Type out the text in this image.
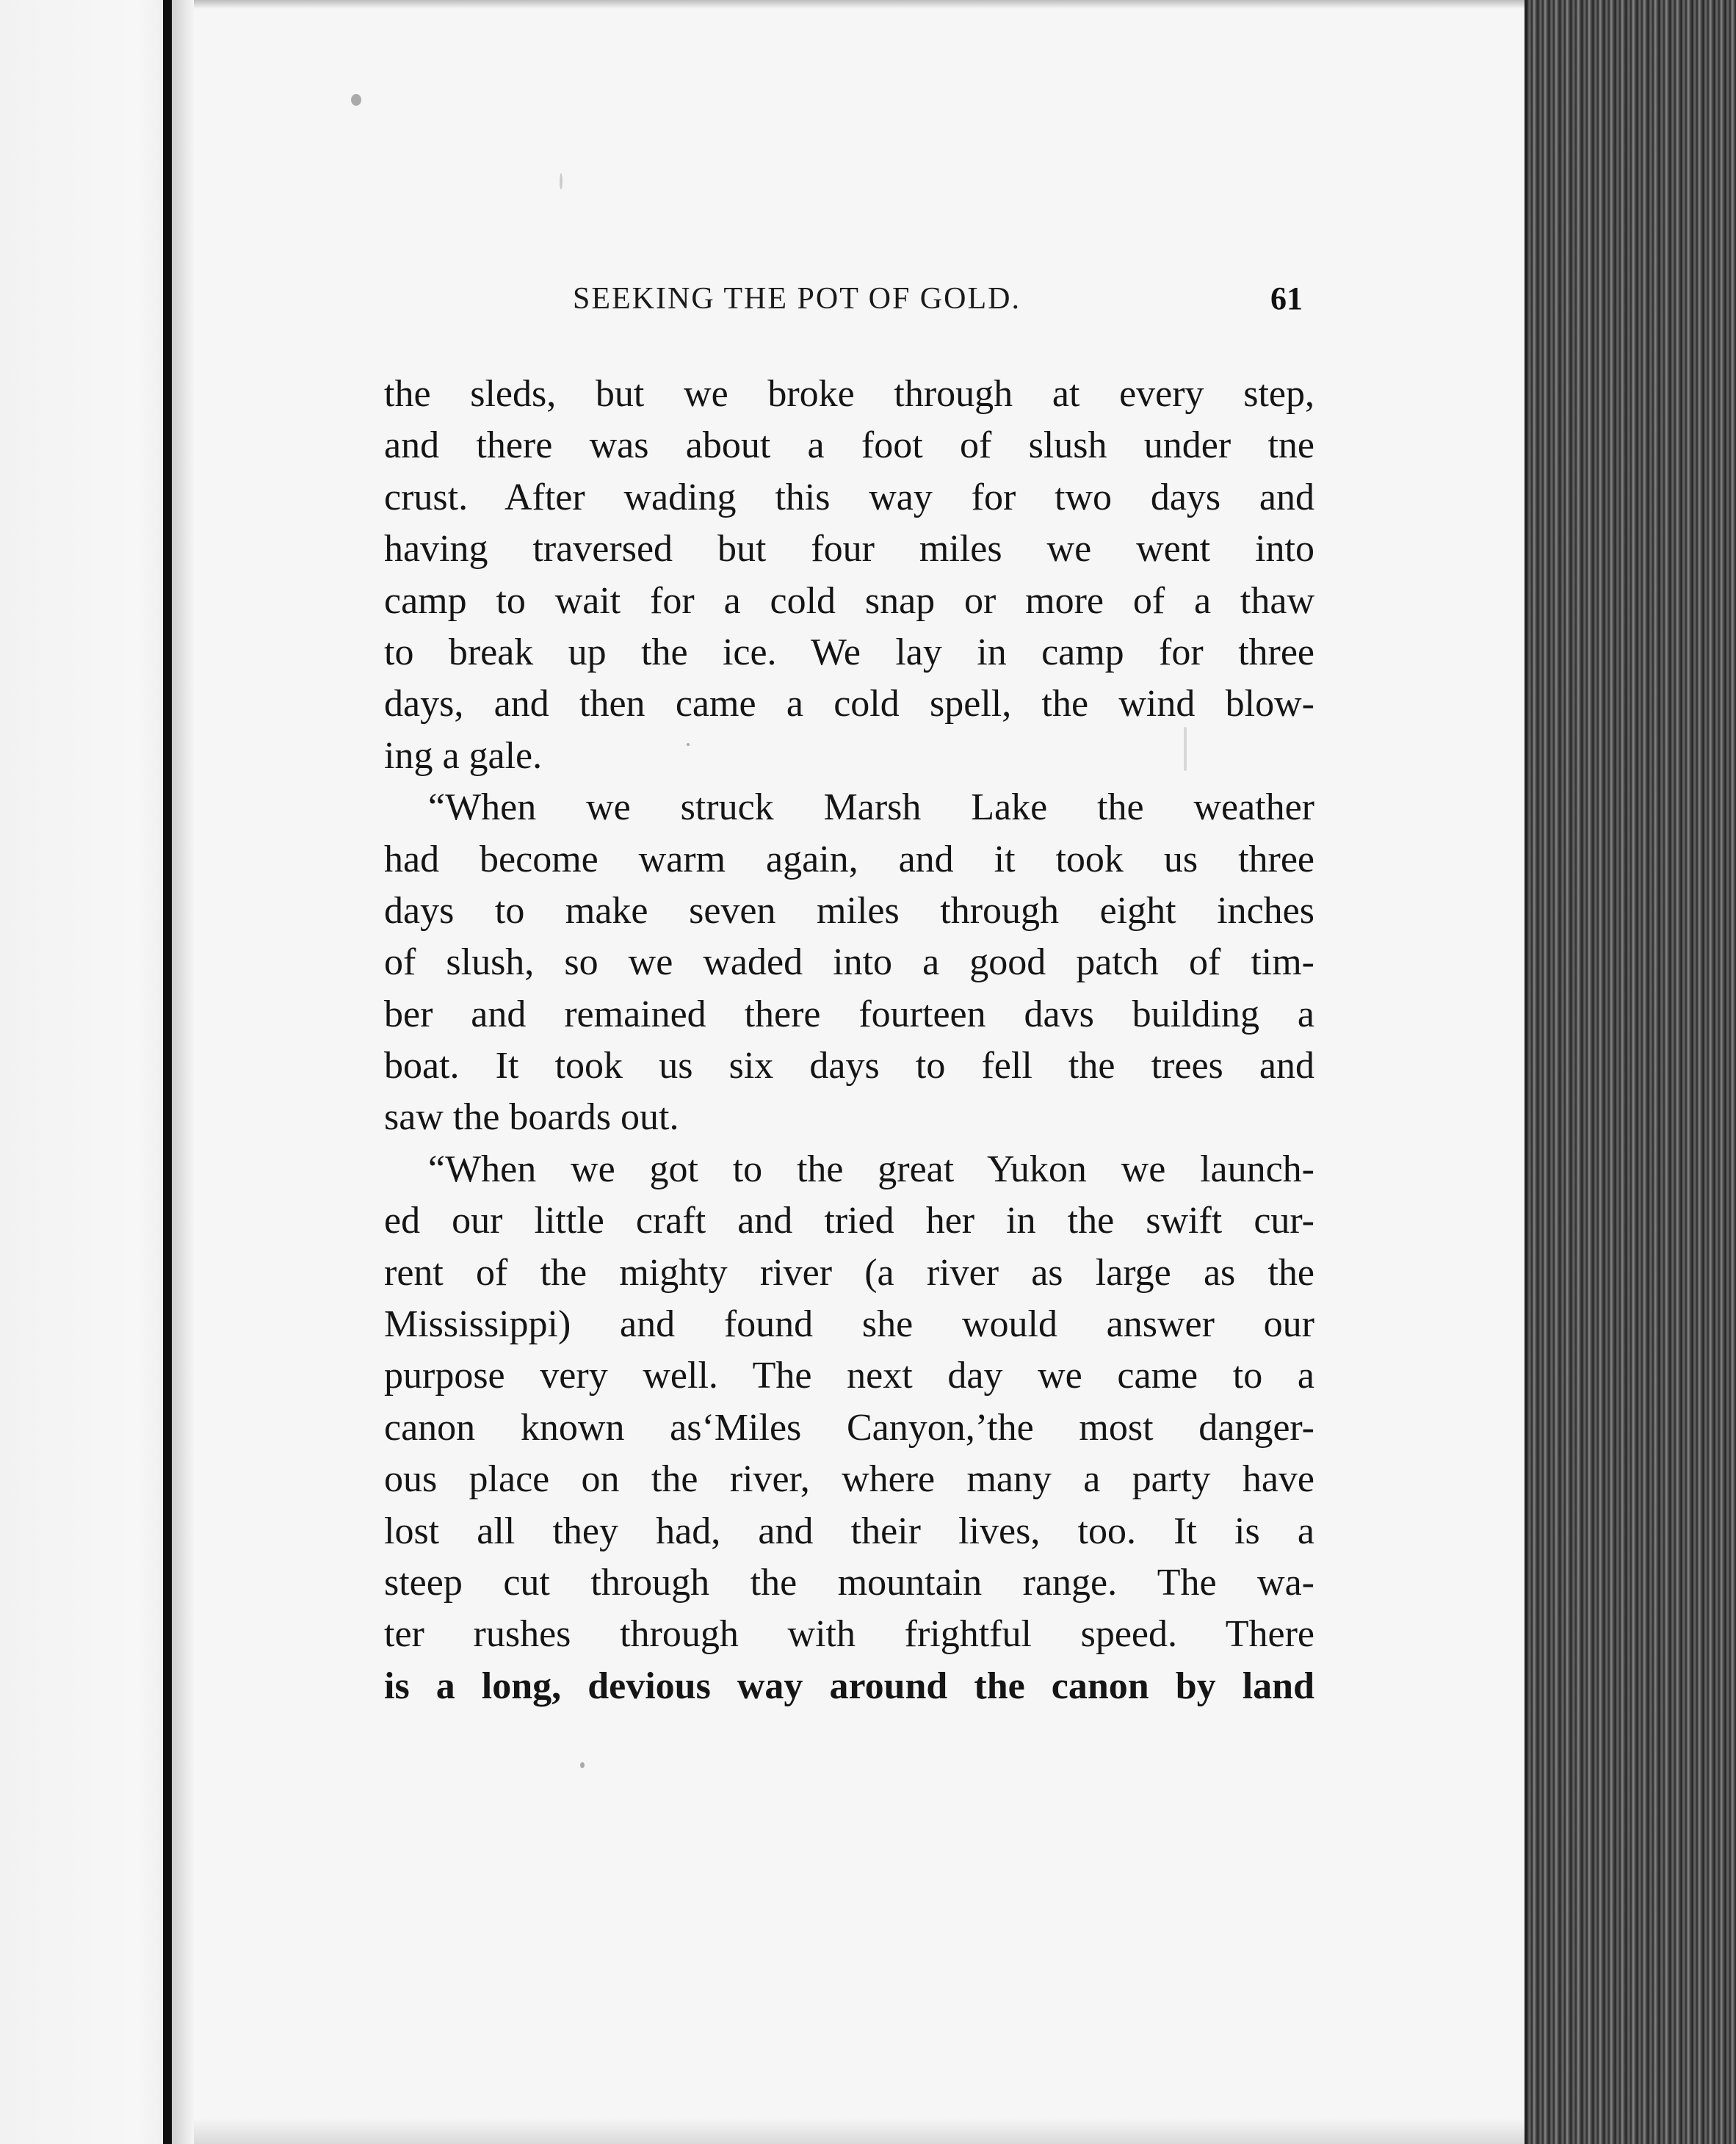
SEEKING THE POT OF GOLD.	61
the sleds, but we broke through at every step,
and there was about a foot of slush under tne
crust. After wading this way for two days and
having traversed but four miles we went into
camp to wait for a cold snap or more of a thaw
to break up the ice. We lay in camp for three
days, and then came a cold spell, the wind blow-
ing a gale.
“When we struck Marsh Lake the weather
had become warm again, and it took us three
days to make seven miles through eight inches
of slush, so we waded into a good patch of tim-
ber and remained there fourteen davs building a
boat. It took us six days to fell the trees and
saw the boards out.
“When we got to the great Yukon we launch-
ed our little craft and tried her in the swift cur-
rent of the mighty river (a river as large as the
Mississippi) and found she would answer our
purpose very well. The next day we came to a
canon known as‘Miles Canyon,’the most danger-
ous place on the river, where many a party have
lost all they had, and their lives, too. It is a
steep cut through the mountain range. The wa-
ter rushes through with frightful speed. There
is a long, devious way around the canon by land
